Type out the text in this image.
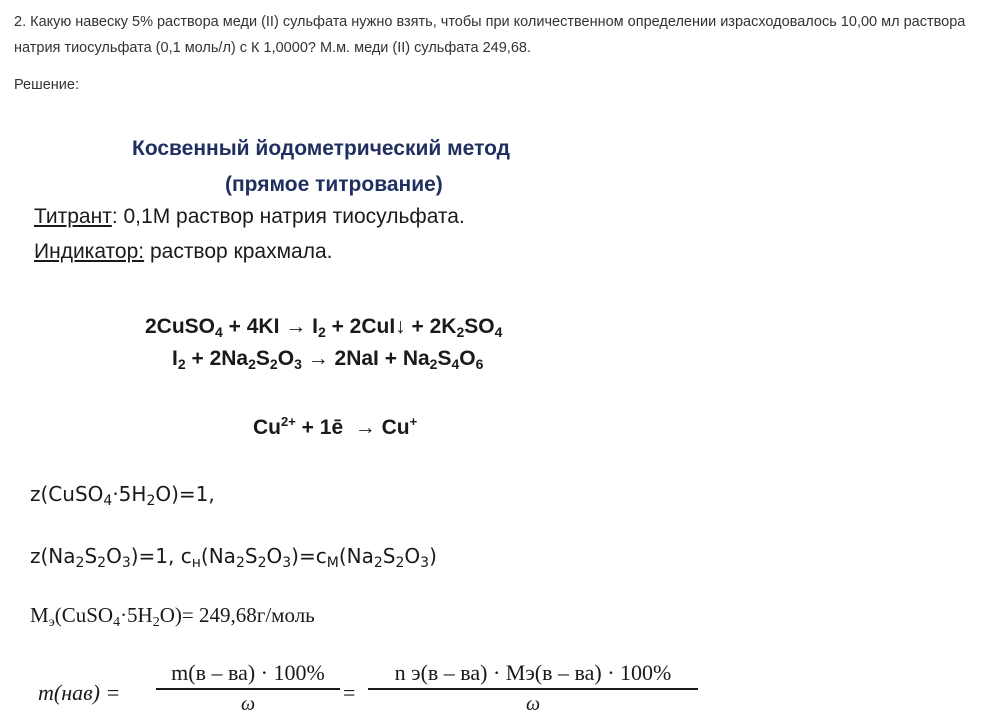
2. Какую навеску 5% раствора меди (II) сульфата нужно взять, чтобы при количественном определении израсходовалось 10,00 мл раствора натрия тиосульфата (0,1 моль/л) с К 1,0000? М.м. меди (II) сульфата 249,68.
Решение:
Косвенный йодометрический метод
(прямое титрование)
Титрант: 0,1М раствор натрия тиосульфата.
Индикатор: раствор крахмала.
2CuSO$_4$ + $4KI \to I_2$ + 2CuI↓ + $2K_2SO_4$
$I_2 + 2Na_2S_2O_3 \to 2NaI + Na_2S_4O_6$
$Cu^{2+}$ + 1ē  → Cu+
$z(CuSO_4\cdot 5H_2O)=1$,
$z(Na_2S_2O_3)=1$, $с_н(Na_2S_2O_3)=с_М(Na_2S_2O_3)$
$M_э(CuSO_4\cdot 5H_2O)=$ 249,68г/моль
m(нав) =
m(в – ва) · 100%
ω	=
n э(в – ва) · Mэ(в – ва) · 100%
ω
